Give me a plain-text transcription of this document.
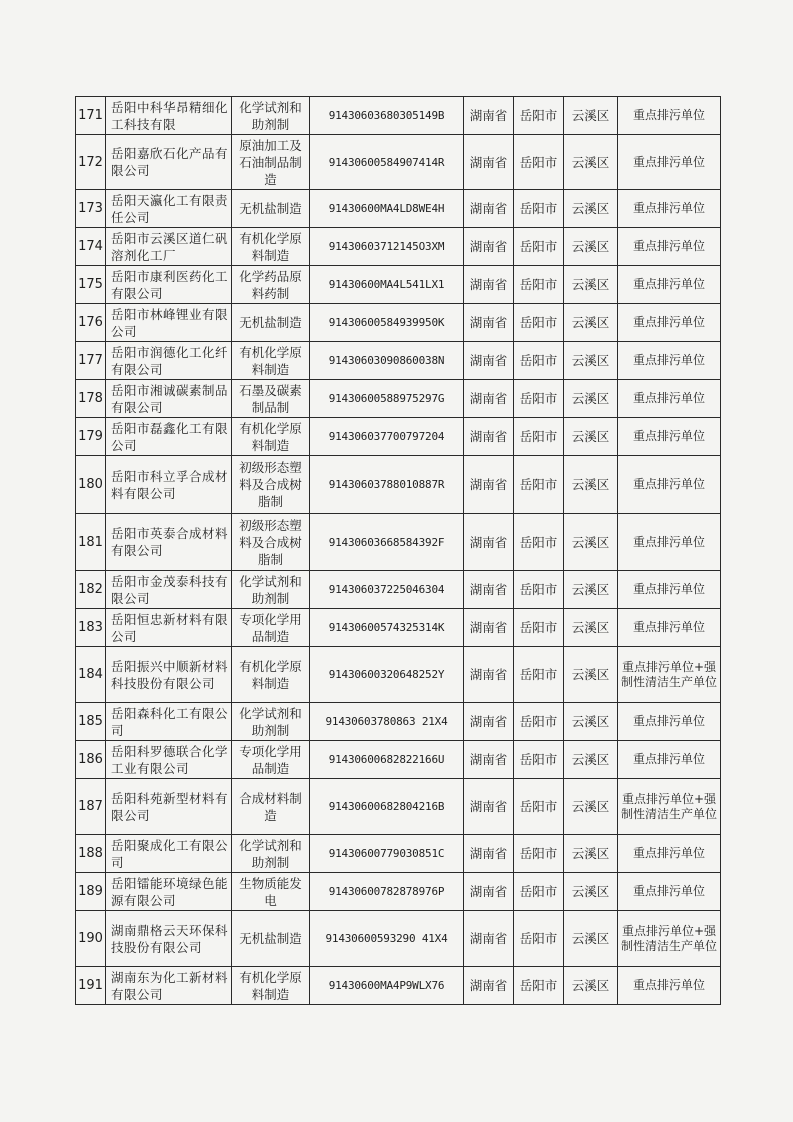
171	岳阳中科华昂精细化工科技有限	化学试剂和助剂制	91430603680305149B	湖南省	岳阳市	云溪区	重点排污单位
172	岳阳嘉欣石化产品有限公司	原油加工及石油制品制造	91430600584907414R	湖南省	岳阳市	云溪区	重点排污单位
173	岳阳天瀛化工有限责任公司	无机盐制造	91430600MA4LD8WE4H	湖南省	岳阳市	云溪区	重点排污单位
174	岳阳市云溪区道仁矾溶剂化工厂	有机化学原料制造	91430603712145O3XM	湖南省	岳阳市	云溪区	重点排污单位
175	岳阳市康利医药化工有限公司	化学药品原料药制	91430600MA4L541LX1	湖南省	岳阳市	云溪区	重点排污单位
176	岳阳市林峰锂业有限公司	无机盐制造	91430600584939950K	湖南省	岳阳市	云溪区	重点排污单位
177	岳阳市润德化工化纤有限公司	有机化学原料制造	91430603090860038N	湖南省	岳阳市	云溪区	重点排污单位
178	岳阳市湘诚碳素制品有限公司	石墨及碳素制品制	91430600588975297G	湖南省	岳阳市	云溪区	重点排污单位
179	岳阳市磊鑫化工有限公司	有机化学原料制造	914306037700797204	湖南省	岳阳市	云溪区	重点排污单位
180	岳阳市科立孚合成材料有限公司	初级形态塑料及合成树脂制	91430603788010887R	湖南省	岳阳市	云溪区	重点排污单位
181	岳阳市英泰合成材料有限公司	初级形态塑料及合成树脂制	91430603668584392F	湖南省	岳阳市	云溪区	重点排污单位
182	岳阳市金茂泰科技有限公司	化学试剂和助剂制	914306037225046304	湖南省	岳阳市	云溪区	重点排污单位
183	岳阳恒忠新材料有限公司	专项化学用品制造	91430600574325314K	湖南省	岳阳市	云溪区	重点排污单位
184	岳阳振兴中顺新材料科技股份有限公司	有机化学原料制造	91430600320648252Y	湖南省	岳阳市	云溪区	重点排污单位+强制性清洁生产单位
185	岳阳森科化工有限公司	化学试剂和助剂制	91430603780863 21X4	湖南省	岳阳市	云溪区	重点排污单位
186	岳阳科罗德联合化学工业有限公司	专项化学用品制造	91430600682822166U	湖南省	岳阳市	云溪区	重点排污单位
187	岳阳科苑新型材料有限公司	合成材料制造	91430600682804216B	湖南省	岳阳市	云溪区	重点排污单位+强制性清洁生产单位
188	岳阳聚成化工有限公司	化学试剂和助剂制	91430600779030851C	湖南省	岳阳市	云溪区	重点排污单位
189	岳阳镭能环境绿色能源有限公司	生物质能发电	91430600782878976P	湖南省	岳阳市	云溪区	重点排污单位
190	湖南鼎格云天环保科技股份有限公司	无机盐制造	91430600593290 41X4	湖南省	岳阳市	云溪区	重点排污单位+强制性清洁生产单位
191	湖南东为化工新材料有限公司	有机化学原料制造	91430600MA4P9WLX76	湖南省	岳阳市	云溪区	重点排污单位
